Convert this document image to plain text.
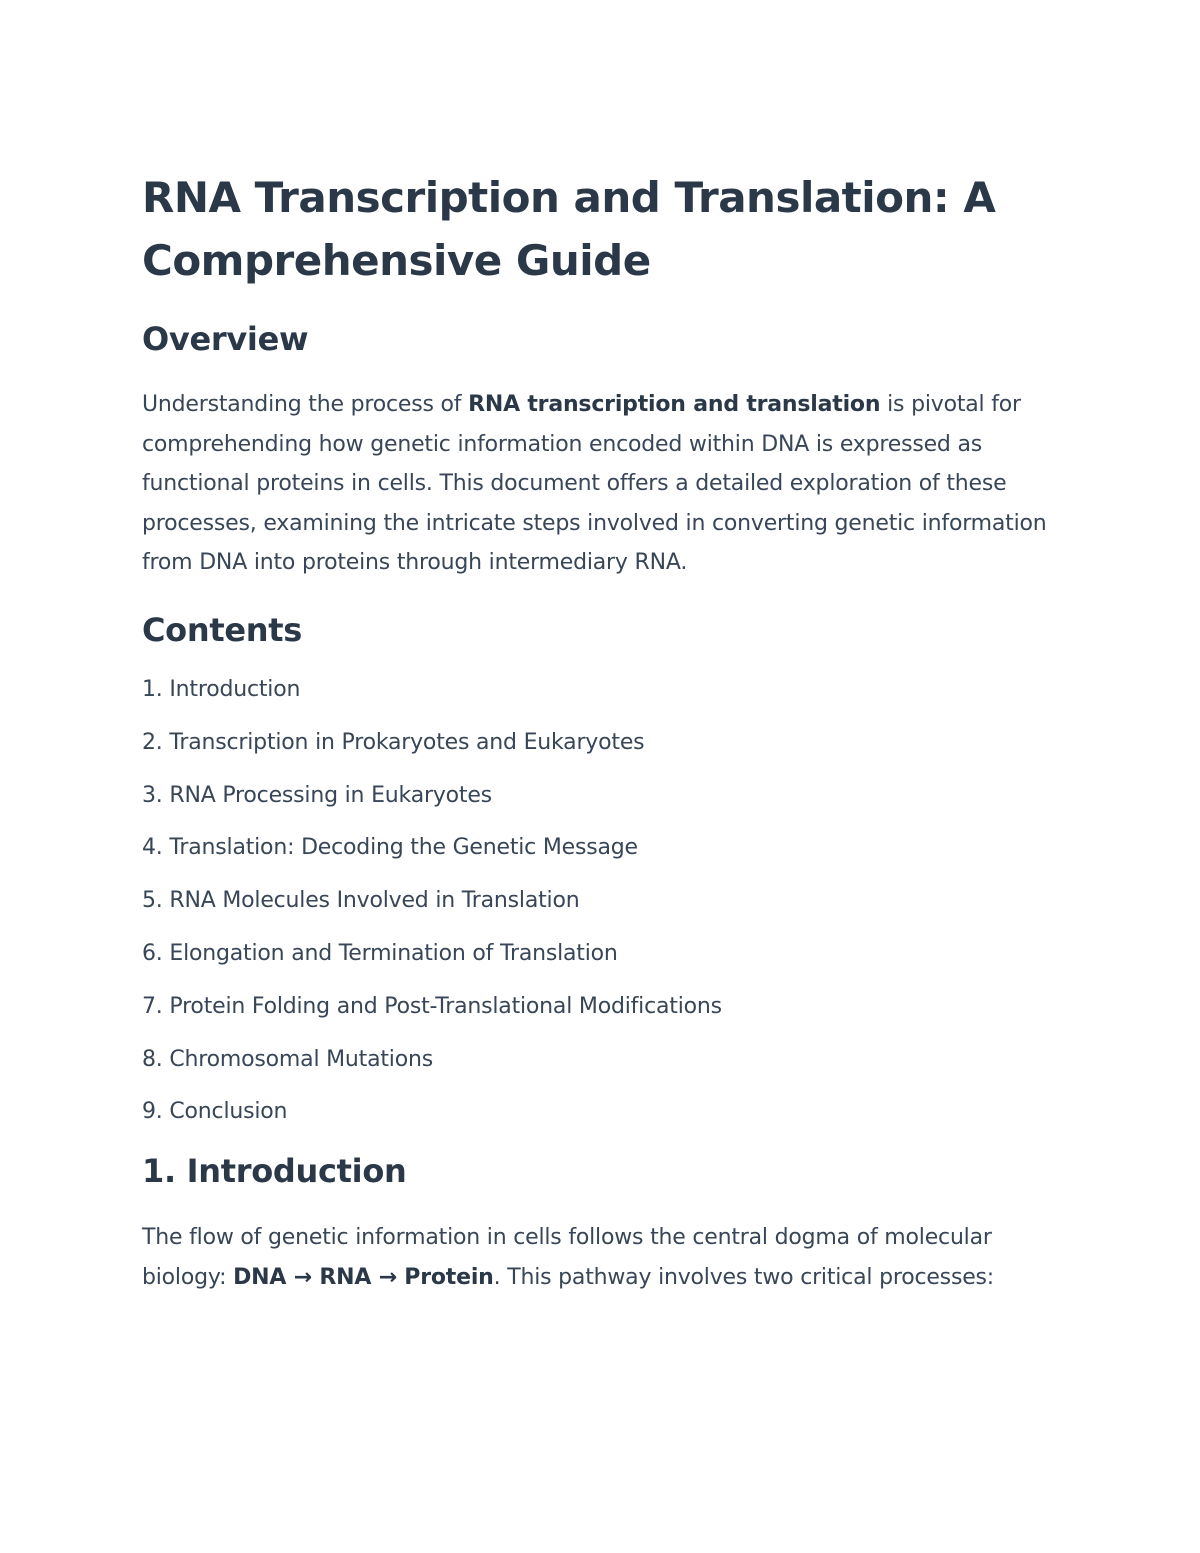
RNA Transcription and Translation: A Comprehensive Guide
Overview

Understanding the process of RNA transcription and translation is pivotal for comprehending how genetic information encoded within DNA is expressed as functional proteins in cells. This document offers a detailed exploration of these processes, examining the intricate steps involved in converting genetic information from DNA into proteins through intermediary RNA.

Contents
1. Introduction
2. Transcription in Prokaryotes and Eukaryotes
3. RNA Processing in Eukaryotes
4. Translation: Decoding the Genetic Message
5. RNA Molecules Involved in Translation
6. Elongation and Termination of Translation
7. Protein Folding and Post-Translational Modifications
8. Chromosomal Mutations
9. Conclusion
1. Introduction

The flow of genetic information in cells follows the central dogma of molecular biology: DNA → RNA → Protein. This pathway involves two critical processes:
